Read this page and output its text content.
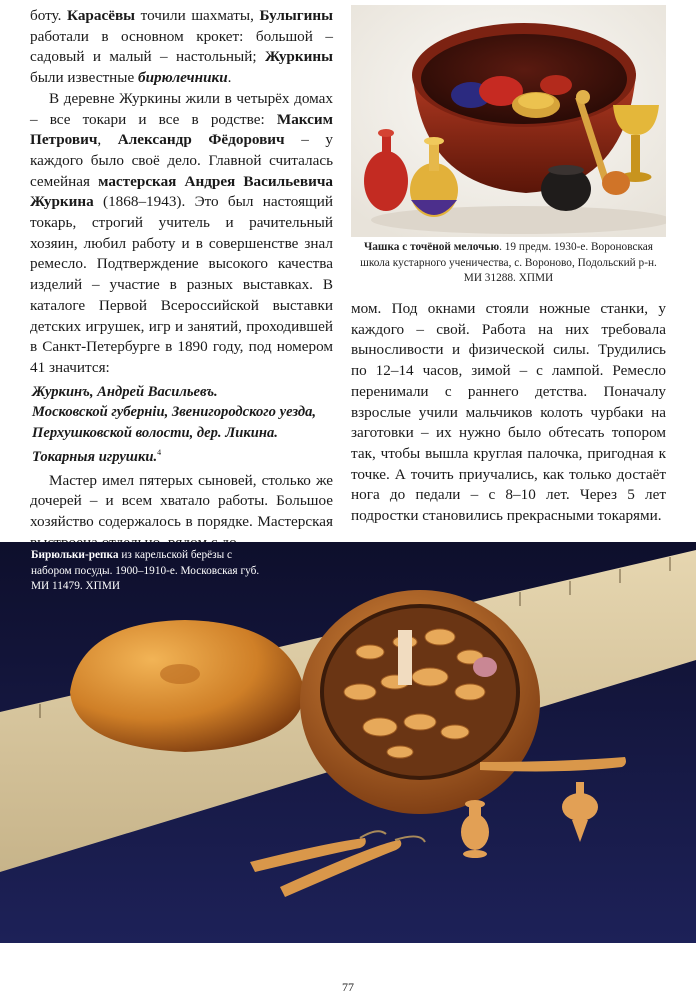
боту. Карасёвы точили шахматы, Булыгины работали в основном крокет: большой – садовый и малый – настольный; Журкины были известные бирюлечники.

В деревне Журкины жили в четырёх домах – все токари и все в родстве: Максим Петрович, Александр Фёдорович – у каждого было своё дело. Главной считалась семейная мастерская Андрея Васильевича Журкина (1868–1943). Это был настоящий токарь, строгий учитель и рачительный хозяин, любил работу и в совершенстве знал ремесло. Подтверждение высокого качества изделий – участие в разных выставках. В каталоге Первой Всероссийской выставки детских игрушек, игр и занятий, проходившей в Санкт-Петербурге в 1890 году, под номером 41 значится:

Журкинъ, Андрей Васильевъ.
Московской губерніи, Звенигородского уезда,
Перхушковской волости, дер. Ликина.
Токарныя игрушки.$^4$

Мастер имел пятерых сыновей, столько же дочерей – и всем хватало работы. Большое хозяйство содержалось в порядке. Мастерская

Чашка с точёной мелочью. 19 предм. 1930-е. Вороновская школа кустарного ученичества, с. Вороново, Подольский р-н. МИ 31288. ХПМИ

мом. Под окнами стояли ножные станки, у каждого – свой. Работа на них требовала выносливости и физической силы. Трудились по 12–14 часов, зимой – с лампой. Ремесло перенимали с раннего детства. Поначалу взрослые учили мальчиков колоть чурбаки на заготовки – их нужно было обтесать топором так, чтобы вышла круглая палочка, пригодная к точке. А точить приучались, как только достаёт нога до педали – с 8–10 лет. Через 5 лет подростки становились прекрасными токарями.

Бирюльки-репка из карельской берёзы с набором посуды. 1900–1910-е. Московская губ. МИ 11479. ХПМИ
77
